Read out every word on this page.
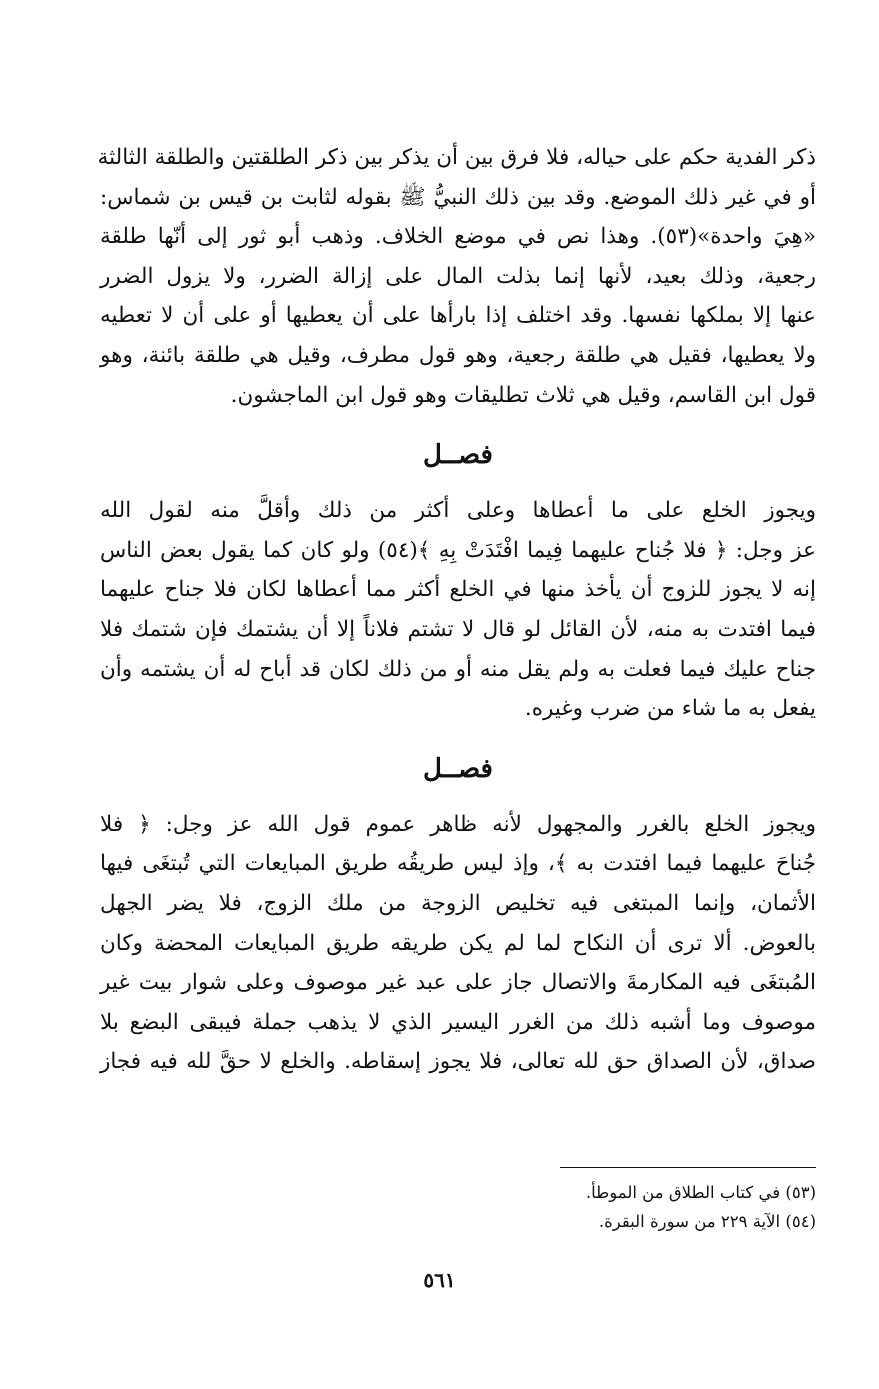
ذكر الفدية حكم على حياله، فلا فرق بين أن يذكر بين ذكر الطلقتين والطلقة الثالثة
أو في غير ذلك الموضع. وقد بين ذلك النبيُّ ﷺ بقوله لثابت بن قيس بن شماس:
«هِيَ واحدة»(٥٣). وهذا نص في موضع الخلاف. وذهب أبو ثور إلى أنّها طلقة
رجعية، وذلك بعيد، لأنها إنما بذلت المال على إزالة الضرر، ولا يزول الضرر
عنها إلا بملكها نفسها. وقد اختلف إذا بارأها على أن يعطيها أو على أن لا تعطيه
ولا يعطيها، فقيل هي طلقة رجعية، وهو قول مطرف، وقيل هي طلقة بائنة، وهو
قول ابن القاسم، وقيل هي ثلاث تطليقات وهو قول ابن الماجشون.

فصــل

ويجوز الخلع على ما أعطاها وعلى أكثر من ذلك وأقلَّ منه لقول الله
عز وجل: ﴿ فلا جُناح عليهما فِيما افْتَدَتْ بِهِ ﴾(٥٤) ولو كان كما يقول بعض الناس
إنه لا يجوز للزوج أن يأخذ منها في الخلع أكثر مما أعطاها لكان فلا جناح عليهما
فيما افتدت به منه، لأن القائل لو قال لا تشتم فلاناً إلا أن يشتمك فإن شتمك فلا
جناح عليك فيما فعلت به ولم يقل منه أو من ذلك لكان قد أباح له أن يشتمه وأن
يفعل به ما شاء من ضرب وغيره.

فصــل

ويجوز الخلع بالغرر والمجهول لأنه ظاهر عموم قول الله عز وجل: ﴿ فلا
جُناحَ عليهما فيما افتدت به ﴾، وإذ ليس طريقُه طريق المبايعات التي تُبتغَى فيها
الأثمان، وإنما المبتغى فيه تخليص الزوجة من ملك الزوج، فلا يضر الجهل
بالعوض. ألا ترى أن النكاح لما لم يكن طريقه طريق المبايعات المحضة وكان
المُبتغَى فيه المكارمةَ والاتصال جاز على عبد غير موصوف وعلى شوار بيت غير
موصوف وما أشبه ذلك من الغرر اليسير الذي لا يذهب جملة فيبقى البضع بلا
صداق، لأن الصداق حق لله تعالى، فلا يجوز إسقاطه. والخلع لا حقَّ لله فيه فجاز

(٥٣) في كتاب الطلاق من الموطأ.
(٥٤) الآية ٢٢٩ من سورة البقرة.
٥٦١
